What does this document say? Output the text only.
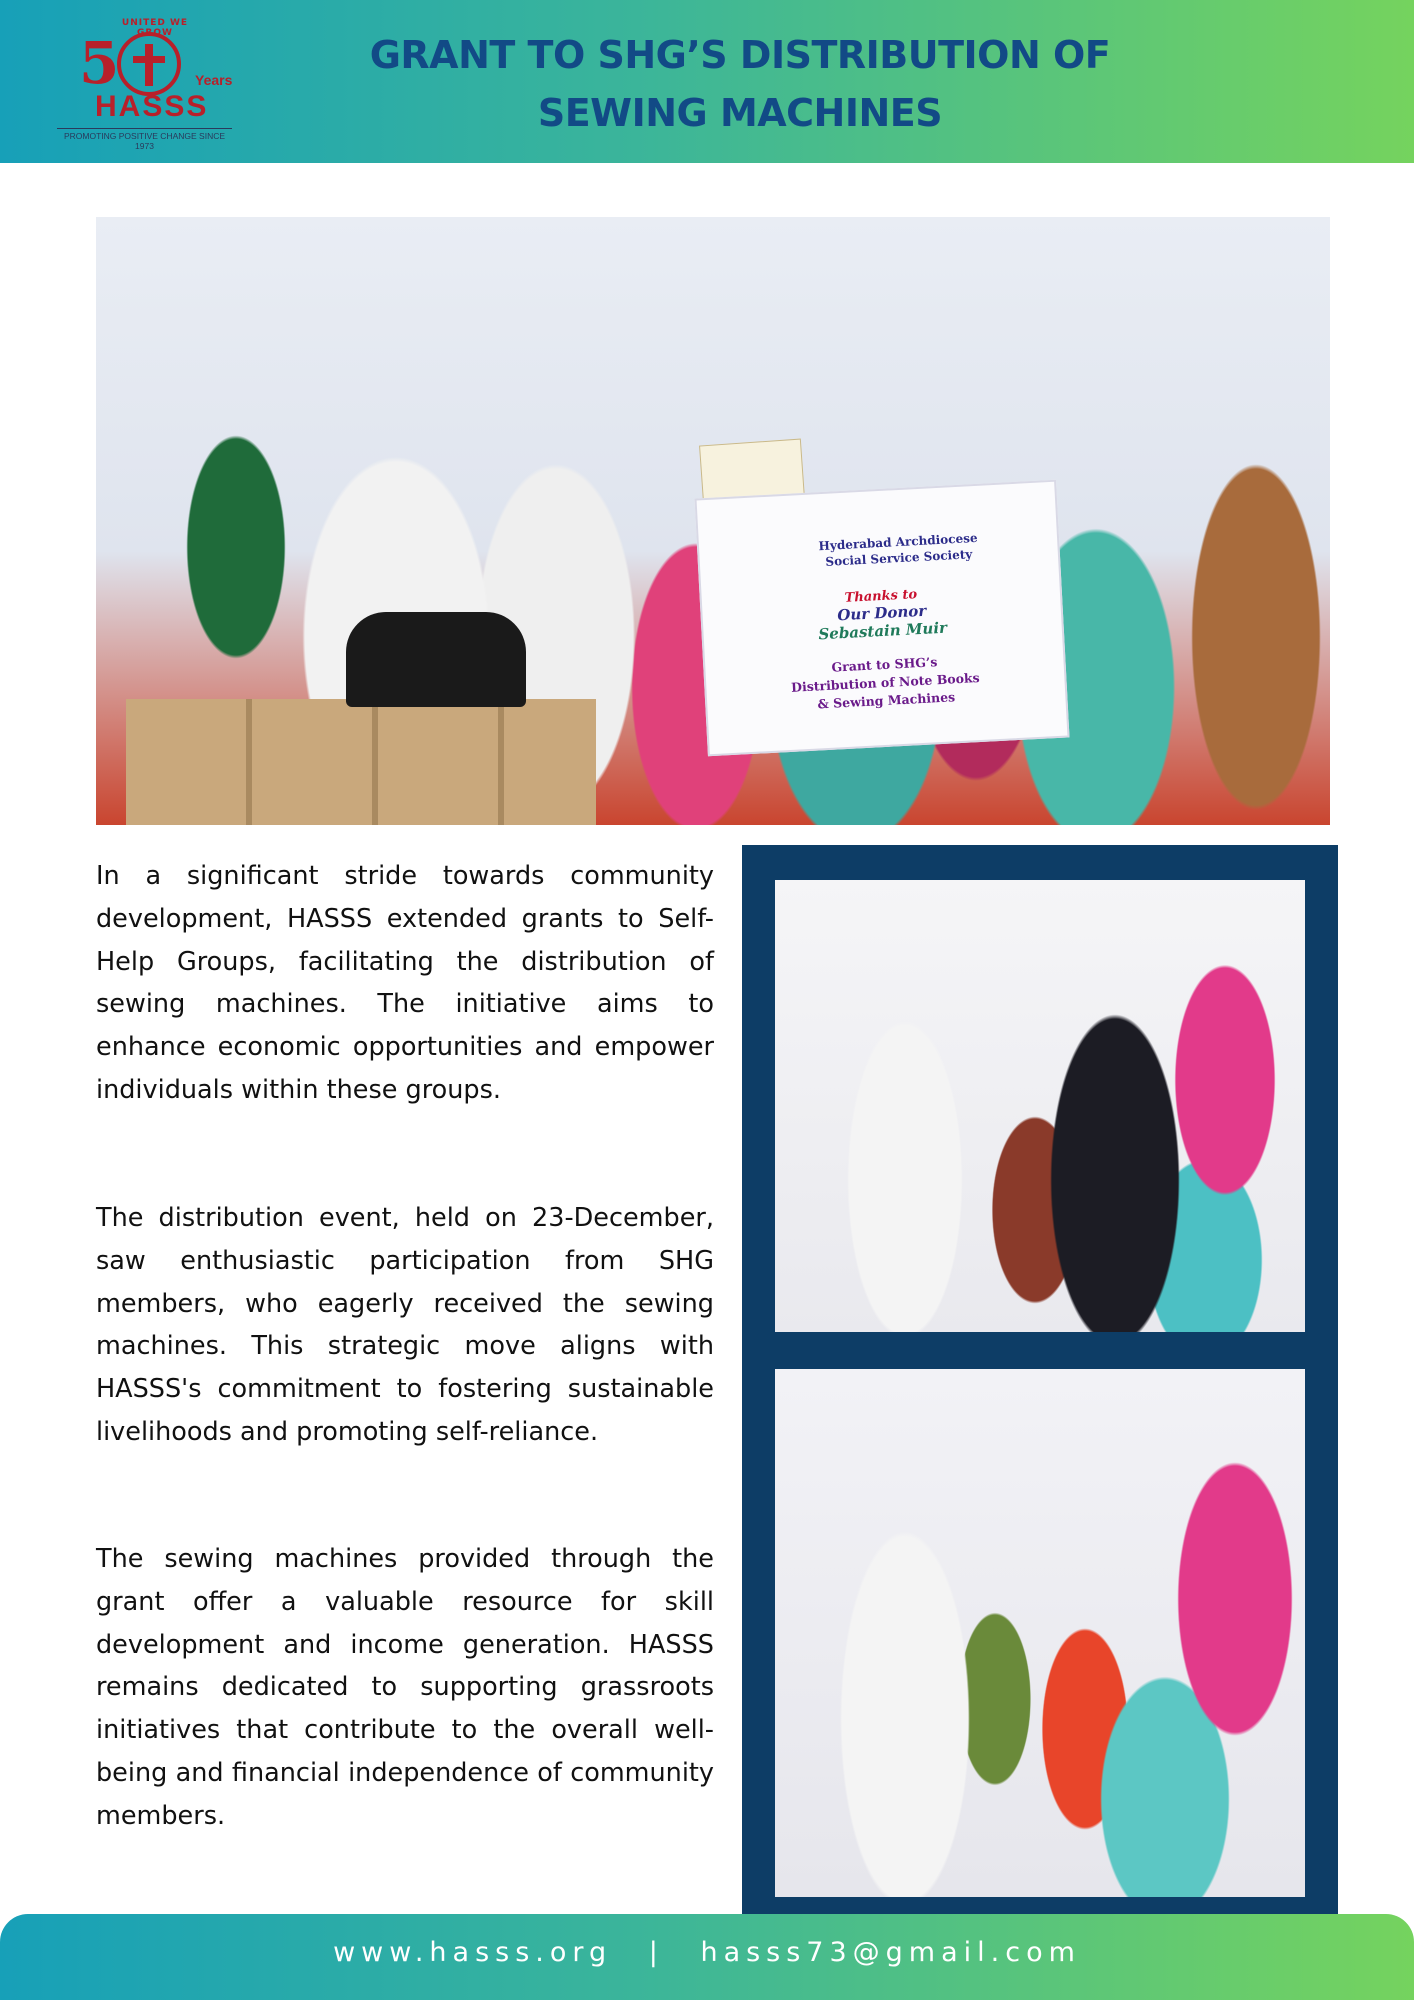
UNITED WE GROW
5	Years
HASSS
PROMOTING POSITIVE CHANGE SINCE 1973
GRANT TO SHG’S DISTRIBUTION OF
SEWING MACHINES
Hyderabad Archdiocese
Social Service Society
Thanks to
Our Donor
Sebastain Muir
Grant to SHG’s
Distribution of Note Books
& Sewing Machines

In a significant stride towards community development, HASSS extended grants to Self-Help Groups, facilitating the distribution of sewing machines. The initiative aims to enhance economic opportunities and empower individuals within these groups.

The distribution event, held on 23-December, saw enthusiastic participation from SHG members, who eagerly received the sewing machines. This strategic move aligns with HASSS's commitment to fostering sustainable livelihoods and promoting self-reliance.

The sewing machines provided through the grant offer a valuable resource for skill development and income generation. HASSS remains dedicated to supporting grassroots initiatives that contribute to the overall well-being and financial independence of community members.

www.hasss.org | hasss73@gmail.com
